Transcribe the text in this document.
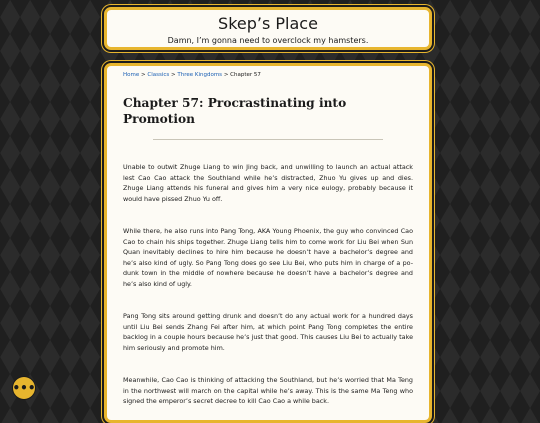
Skep’s Place
Damn, I’m gonna need to overclock my hamsters.
Home > Classics > Three Kingdoms > Chapter 57
Chapter 57: Procrastinating into Promotion

Unable to outwit Zhuge Liang to win Jing back, and unwilling to launch an actual attack lest Cao Cao attack the Southland while he’s distracted, Zhuo Yu gives up and dies. Zhuge Liang attends his funeral and gives him a very nice eulogy, probably because it would have pissed Zhuo Yu off.

While there, he also runs into Pang Tong, AKA Young Phoenix, the guy who convinced Cao Cao to chain his ships together. Zhuge Liang tells him to come work for Liu Bei when Sun Quan inevitably declines to hire him because he doesn’t have a bachelor’s degree and he’s also kind of ugly. So Pang Tong does go see Liu Bei, who puts him in charge of a po-dunk town in the middle of nowhere because he doesn’t have a bachelor’s degree and he’s also kind of ugly.

Pang Tong sits around getting drunk and doesn’t do any actual work for a hundred days until Liu Bei sends Zhang Fei after him, at which point Pang Tong completes the entire backlog in a couple hours because he’s just that good. This causes Liu Bei to actually take him seriously and promote him.

Meanwhile, Cao Cao is thinking of attacking the Southland, but he’s worried that Ma Teng in the northwest will march on the capital while he’s away. This is the same Ma Teng who signed the emperor’s secret decree to kill Cao Cao a while back.

•••
